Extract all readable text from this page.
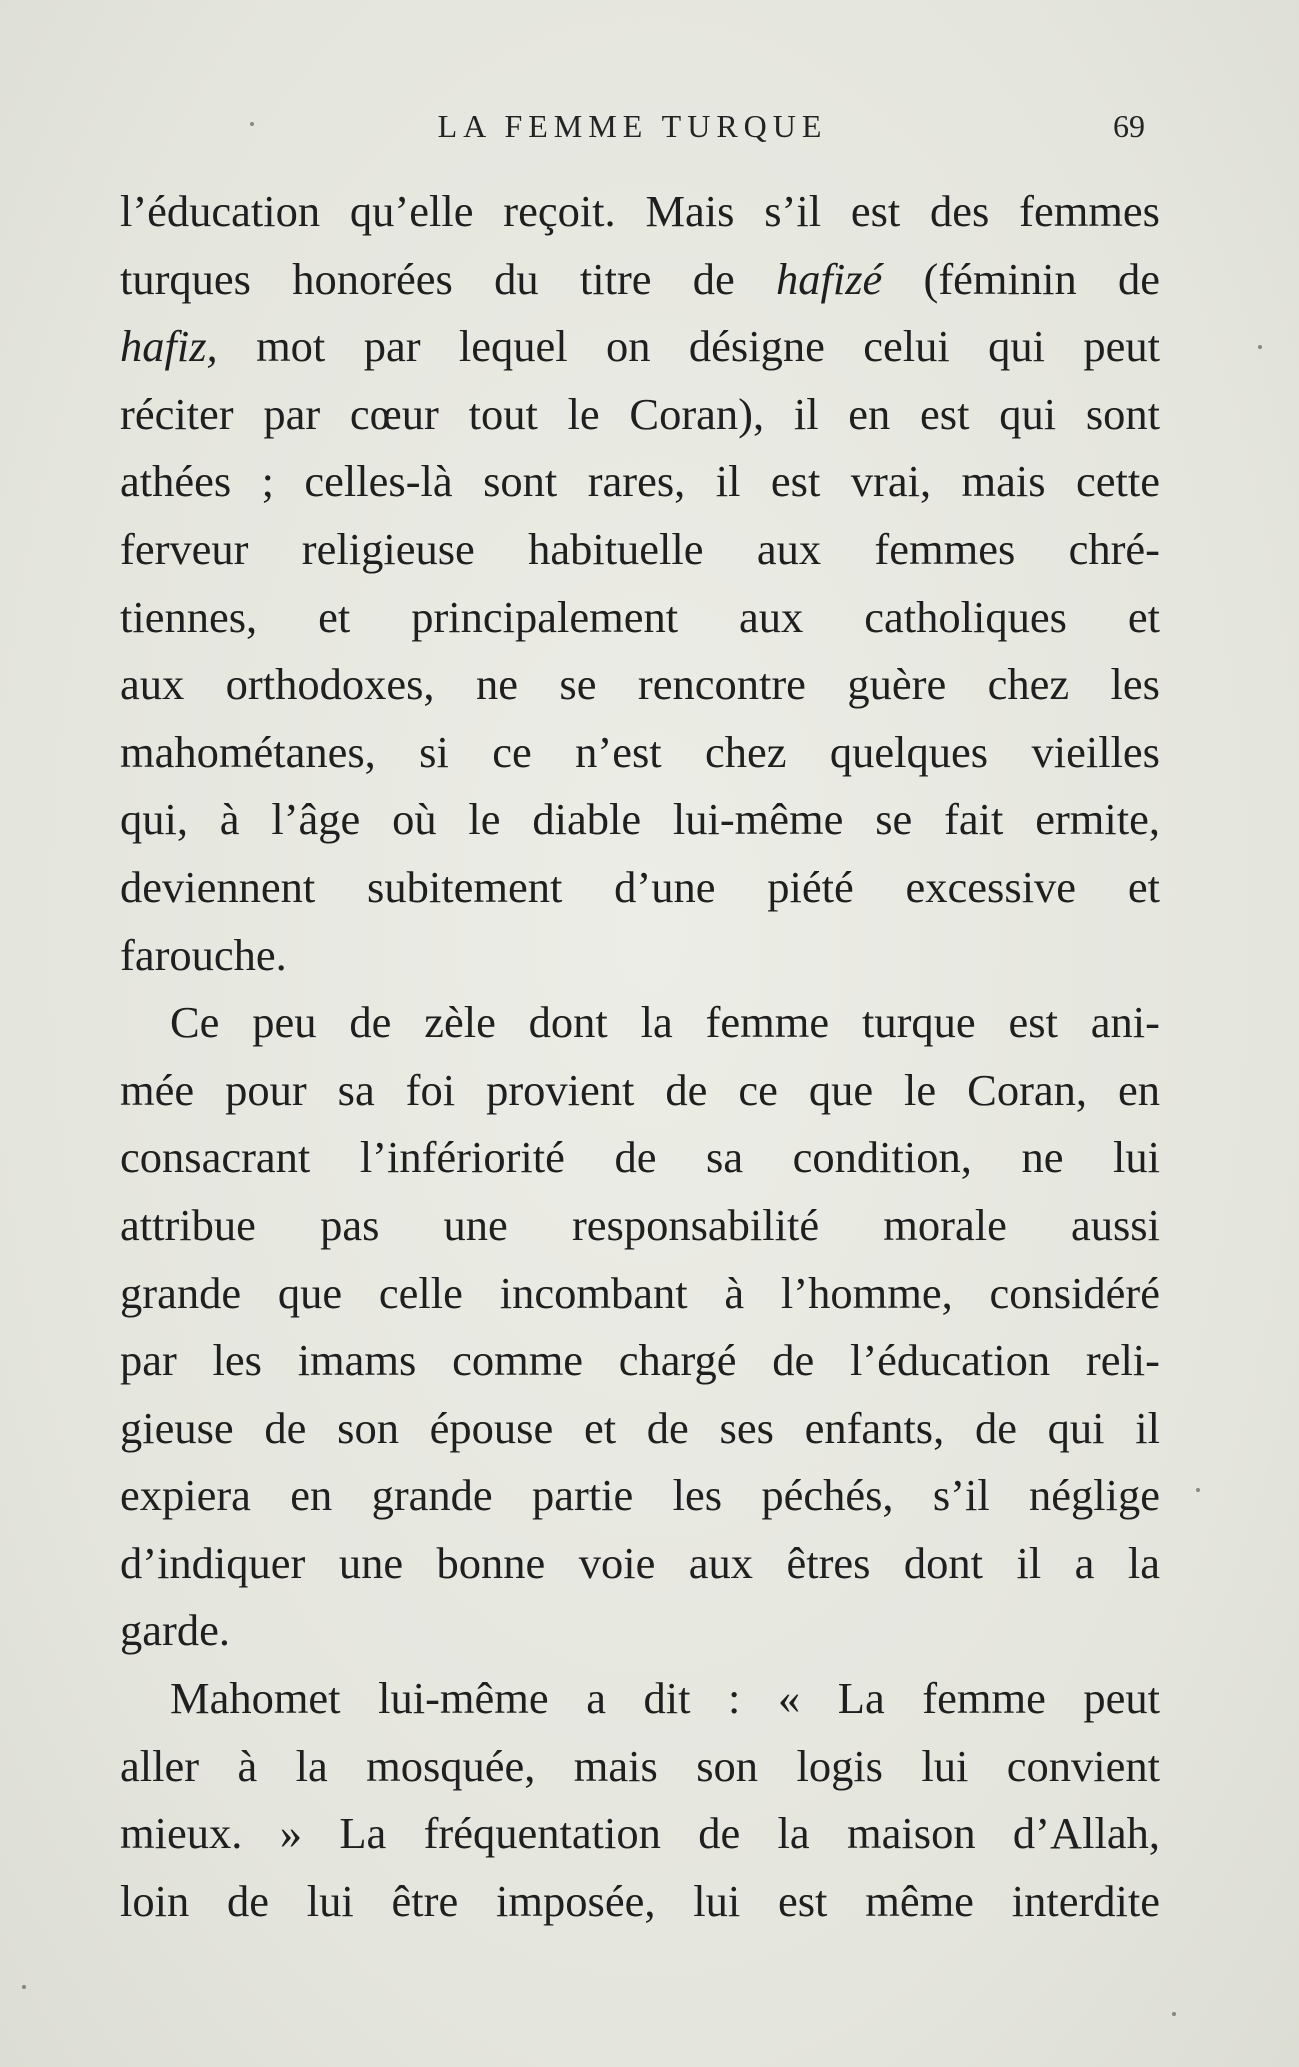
LA FEMME TURQUE	69
l’éducation qu’elle reçoit. Mais s’il est des femmes
turques honorées du titre de hafizé (féminin de
hafiz, mot par lequel on désigne celui qui peut
réciter par cœur tout le Coran), il en est qui sont
athées ; celles-là sont rares, il est vrai, mais cette
ferveur religieuse habituelle aux femmes chré-
tiennes, et principalement aux catholiques et
aux orthodoxes, ne se rencontre guère chez les
mahométanes, si ce n’est chez quelques vieilles
qui, à l’âge où le diable lui-même se fait ermite,
deviennent subitement d’une piété excessive et
farouche.
Ce peu de zèle dont la femme turque est ani-
mée pour sa foi provient de ce que le Coran, en
consacrant l’infériorité de sa condition, ne lui
attribue pas une responsabilité morale aussi
grande que celle incombant à l’homme, considéré
par les imams comme chargé de l’éducation reli-
gieuse de son épouse et de ses enfants, de qui il
expiera en grande partie les péchés, s’il néglige
d’indiquer une bonne voie aux êtres dont il a la
garde.
Mahomet lui-même a dit : « La femme peut
aller à la mosquée, mais son logis lui convient
mieux. » La fréquentation de la maison d’Allah,
loin de lui être imposée, lui est même interdite
